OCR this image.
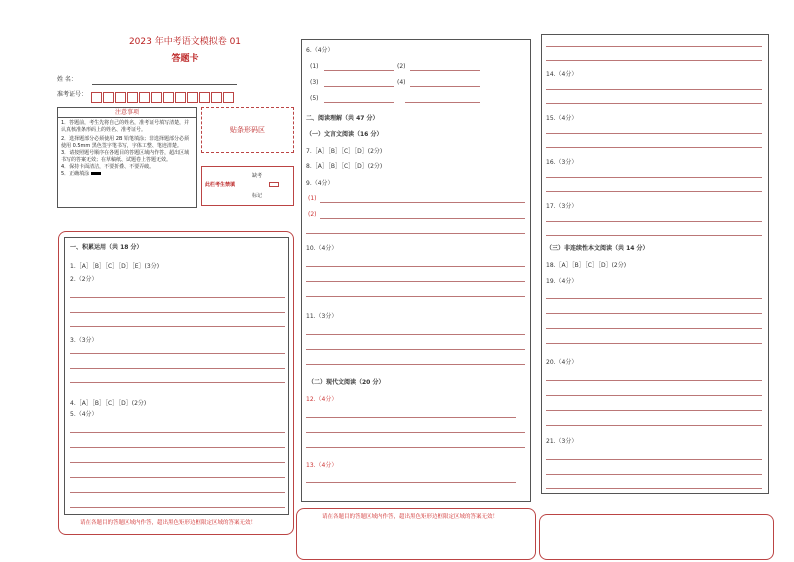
2023 年中考语文模拟卷 01
答题卡
姓 名：
准考证号：
注意事项
1．答题前，考生先将自己的姓名，准考证号填写清楚，并认真核准条形码上的姓名、准考证号。
2．选择题部分必须使用 2B 铅笔填涂；非选择题部分必须使用 0.5mm 黑色签字笔书写，字体工整、笔迹清楚。
3．请按照题号顺序在各题目的答题区域内作答，超出区域书写的答案无效；在草稿纸、试题卷上答题无效。
4．保持卡面清洁，不要折叠、不要弄破。
5．正确填涂
贴条形码区
此栏考生禁填
缺考
标记
一、积累运用（共 18 分）
1.［A］［B］［C］［D］［E］(3分)
2.（2分）
3.（3分）
4.［A］［B］［C］［D］(2分)
5.（4分）
请在各题目的答题区域内作答，超出黑色矩形边框限定区域的答案无效！
6.（4分）
(1)	(2)
(3)	(4)
(5)
二、阅读理解（共 47 分）
（一）文言文阅读（16 分）
7.［A］［B］［C］［D］(2分)
8.［A］［B］［C］［D］(2分)
9.（4分）
(1)
(2)
10.（4分）
11.（3分）
（二）现代文阅读（20 分）
12.（4分）
13.（4分）
请在各题目的答题区域内作答，超出黑色矩形边框限定区域的答案无效！
14.（4分）
15.（4分）
16.（3分）
17.（3分）
（三）非连续性本文阅读（共 14 分）
18.［A］［B］［C］［D］(2分)
19.（4分）
20.（4分）
21.（3分）
